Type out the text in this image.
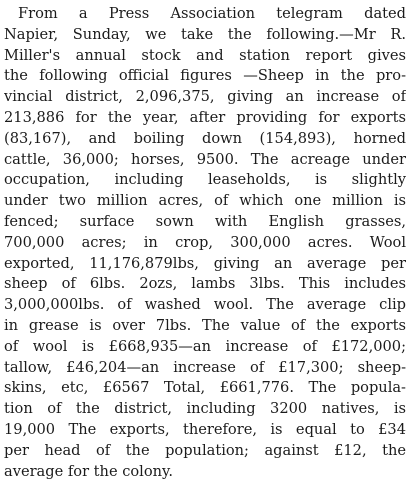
From a Press Association telegram dated
Napier, Sunday, we take the following.—Mr R.
Miller's annual stock and station report gives
the following official figures —Sheep in the pro-
vincial district, 2,096,375, giving an increase of
213,886 for the year, after providing for exports
(83,167), and boiling down (154,893), horned
cattle, 36,000; horses, 9500. The acreage under
occupation, including leaseholds, is slightly
under two million acres, of which one million is
fenced; surface sown with English grasses,
700,000 acres; in crop, 300,000 acres. Wool
exported, 11,176,879lbs, giving an average per
sheep of 6lbs. 2ozs, lambs 3lbs. This includes
3,000,000lbs. of washed wool. The average clip
in grease is over 7lbs. The value of the exports
of wool is £668,935—an increase of £172,000;
tallow, £46,204—an increase of £17,300; sheep-
skins, etc, £6567 Total, £661,776. The popula-
tion of the district, including 3200 natives, is
19,000 The exports, therefore, is equal to £34
per head of the population; against £12, the
average for the colony.
